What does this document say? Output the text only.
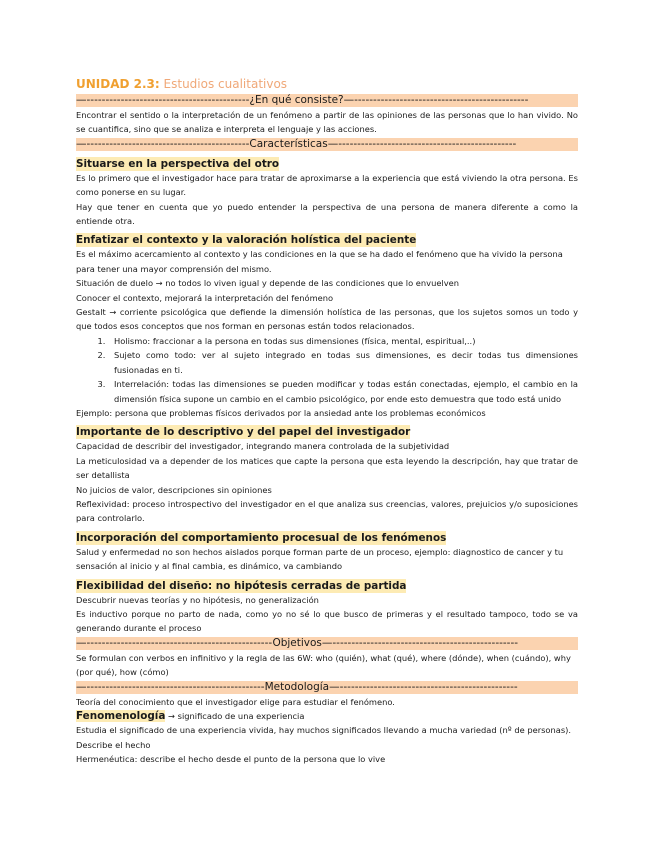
UNIDAD 2.3: Estudios cualitativos
—-------------------------------------------¿En qué consiste?—----------------------------------------------
Encontrar el sentido o la interpretación de un fenómeno a partir de las opiniones de las personas que lo han vivido. No se cuantifica, sino que se analiza e interpreta el lenguaje y las acciones.
—-------------------------------------------Características—-----------------------------------------------
Situarse en la perspectiva del otro
Es lo primero que el investigador hace para tratar de aproximarse a la experiencia que está viviendo la otra persona. Es como ponerse en su lugar.
Hay que tener en cuenta que yo puedo entender la perspectiva de una persona de manera diferente a como la entiende otra.
Enfatizar el contexto y la valoración holística del paciente
Es el máximo acercamiento al contexto y las condiciones en la que se ha dado el fenómeno que ha vivido la persona para tener una mayor comprensión del mismo.
Situación de duelo → no todos lo viven igual y depende de las condiciones que lo envuelven
Conocer el contexto, mejorará la interpretación del fenómeno
Gestalt → corriente psicológica que defiende la dimensión holística de las personas, que los sujetos somos un todo y que todos esos conceptos que nos forman en personas están todos relacionados.
1. Holismo: fraccionar a la persona en todas sus dimensiones (física, mental, espiritual,..)
2. Sujeto como todo: ver al sujeto integrado en todas sus dimensiones, es decir todas tus dimensiones fusionadas en ti.
3. Interrelación: todas las dimensiones se pueden modificar y todas están conectadas, ejemplo, el cambio en la dimensión física supone un cambio en el cambio psicológico, por ende esto demuestra que todo está unido
Ejemplo: persona que problemas físicos derivados por la ansiedad ante los problemas económicos
Importante de lo descriptivo y del papel del investigador
Capacidad de describir del investigador, integrando manera controlada de la subjetividad
La meticulosidad va a depender de los matices que capte la persona que esta leyendo la descripción, hay que tratar de ser detallista
No juicios de valor, descripciones sin opiniones
Reflexividad: proceso introspectivo del investigador en el que analiza sus creencias, valores, prejuicios y/o suposiciones para controlarlo.
Incorporación del comportamiento procesual de los fenómenos
Salud y enfermedad no son hechos aislados porque forman parte de un proceso, ejemplo: diagnostico de cancer y tu sensación al inicio y al final cambia, es dinámico, va cambiando
Flexibilidad del diseño: no hipótesis cerradas de partida
Descubrir nuevas teorías y no hipótesis, no generalización
Es inductivo porque no parto de nada, como yo no sé lo que busco de primeras y el resultado tampoco, todo se va generando durante el proceso
—-------------------------------------------------Objetivos—-------------------------------------------------
Se formulan con verbos en infinitivo y la regla de las 6W: who (quién), what (qué), where (dónde), when (cuándo), why (por qué), how (cómo)
—-----------------------------------------------Metodología—-----------------------------------------------
Teoría del conocimiento que el investigador elige para estudiar el fenómeno.
Fenomenología → significado de una experiencia
Estudia el significado de una experiencia vivida, hay muchos significados llevando a mucha variedad (nº de personas). Describe el hecho
Hermenéutica: describe el hecho desde el punto de la persona que lo vive
